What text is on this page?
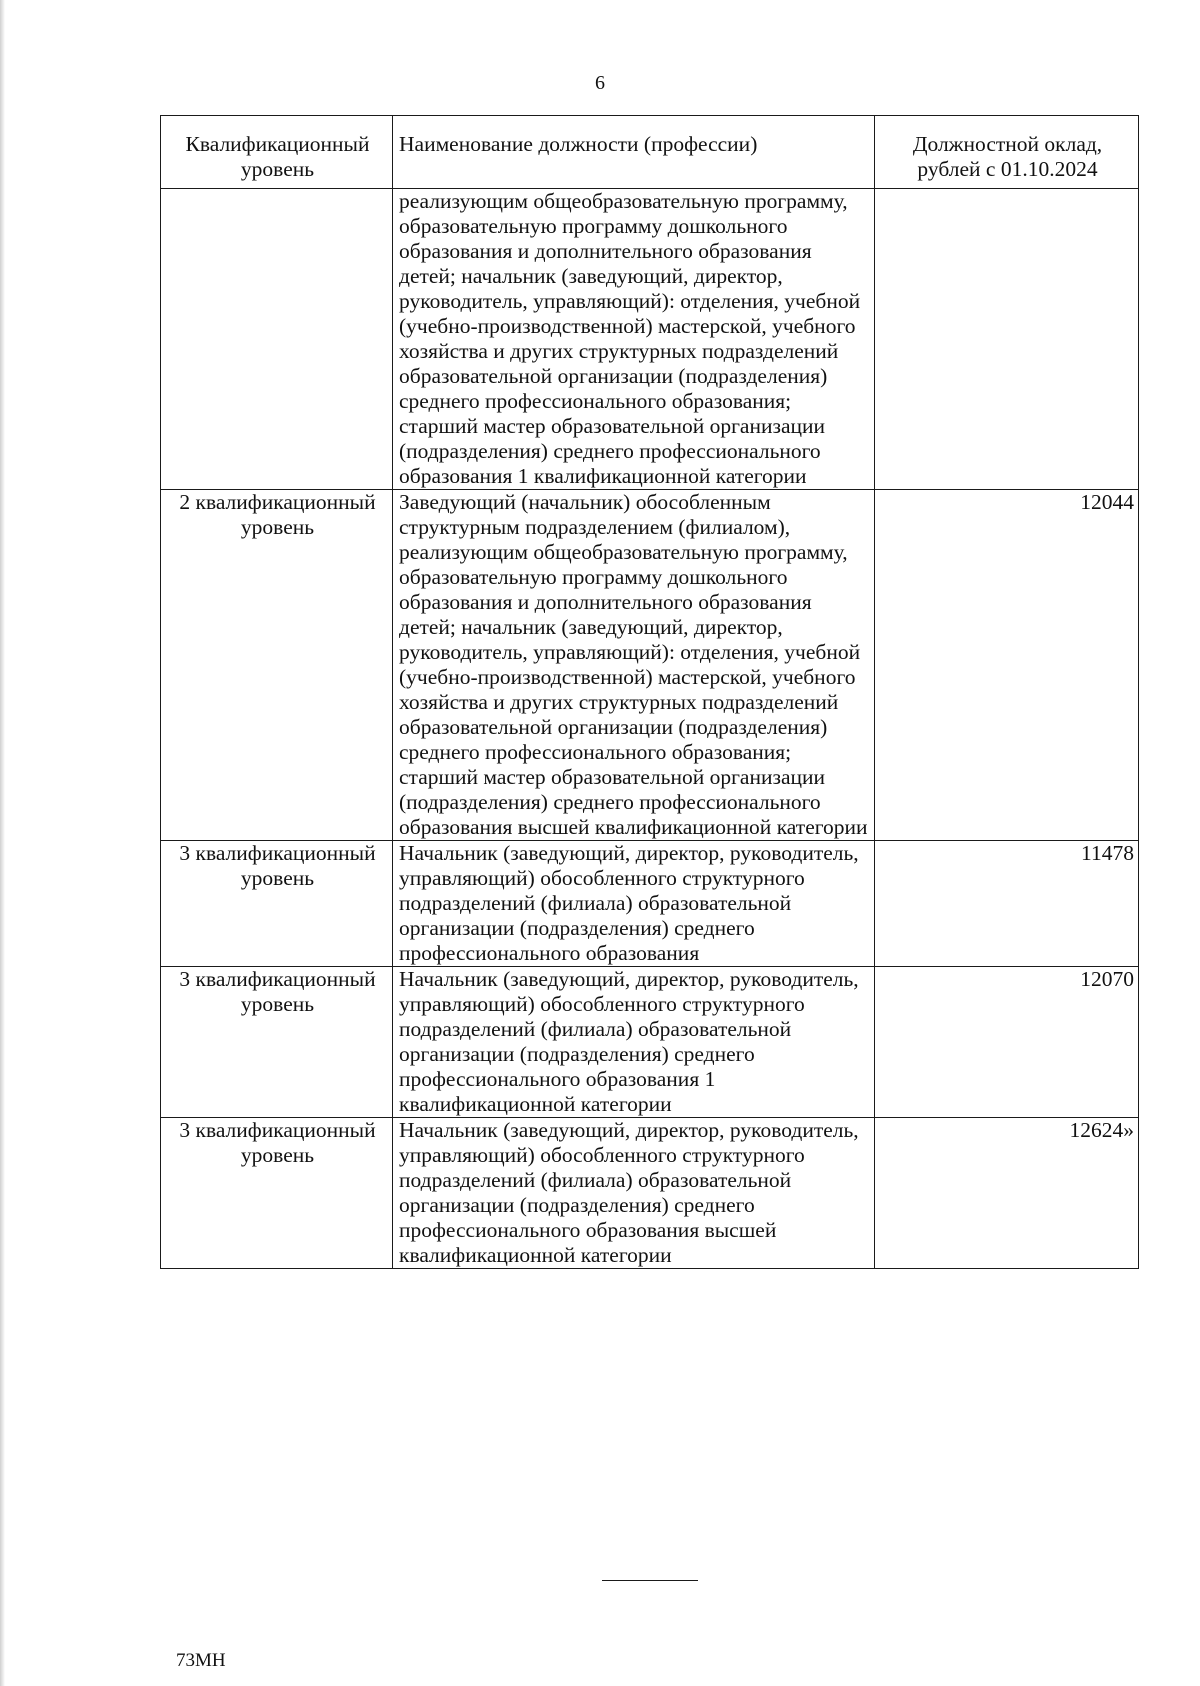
6
Квалификационный уровень	Наименование должности (профессии)	Должностной оклад, рублей с 01.10.2024
	реализующим общеобразовательную программу, образовательную программу дошкольного образования и дополнительного образования детей; начальник (заведующий, директор, руководитель, управляющий): отделения, учебной (учебно-производственной) мастерской, учебного хозяйства и других структурных подразделений образовательной организации (подразделения) среднего профессионального образования; старший мастер образовательной организации (подразделения) среднего профессионального образования 1 квалификационной категории	
2 квалификационный уровень	Заведующий (начальник) обособленным структурным подразделением (филиалом), реализующим общеобразовательную программу, образовательную программу дошкольного образования и дополнительного образования детей; начальник (заведующий, директор, руководитель, управляющий): отделения, учебной (учебно-производственной) мастерской, учебного хозяйства и других структурных подразделений образовательной организации (подразделения) среднего профессионального образования; старший мастер образовательной организации (подразделения) среднего профессионального образования высшей квалификационной категории	12044
3 квалификационный уровень	Начальник (заведующий, директор, руководитель, управляющий) обособленного структурного подразделений (филиала) образовательной организации (подразделения) среднего профессионального образования	11478
3 квалификационный уровень	Начальник (заведующий, директор, руководитель, управляющий) обособленного структурного подразделений (филиала) образовательной организации (подразделения) среднего профессионального образования 1 квалификационной категории	12070
3 квалификационный уровень	Начальник (заведующий, директор, руководитель, управляющий) обособленного структурного подразделений (филиала) образовательной организации (подразделения) среднего профессионального образования высшей квалификационной категории	12624»
73МН
